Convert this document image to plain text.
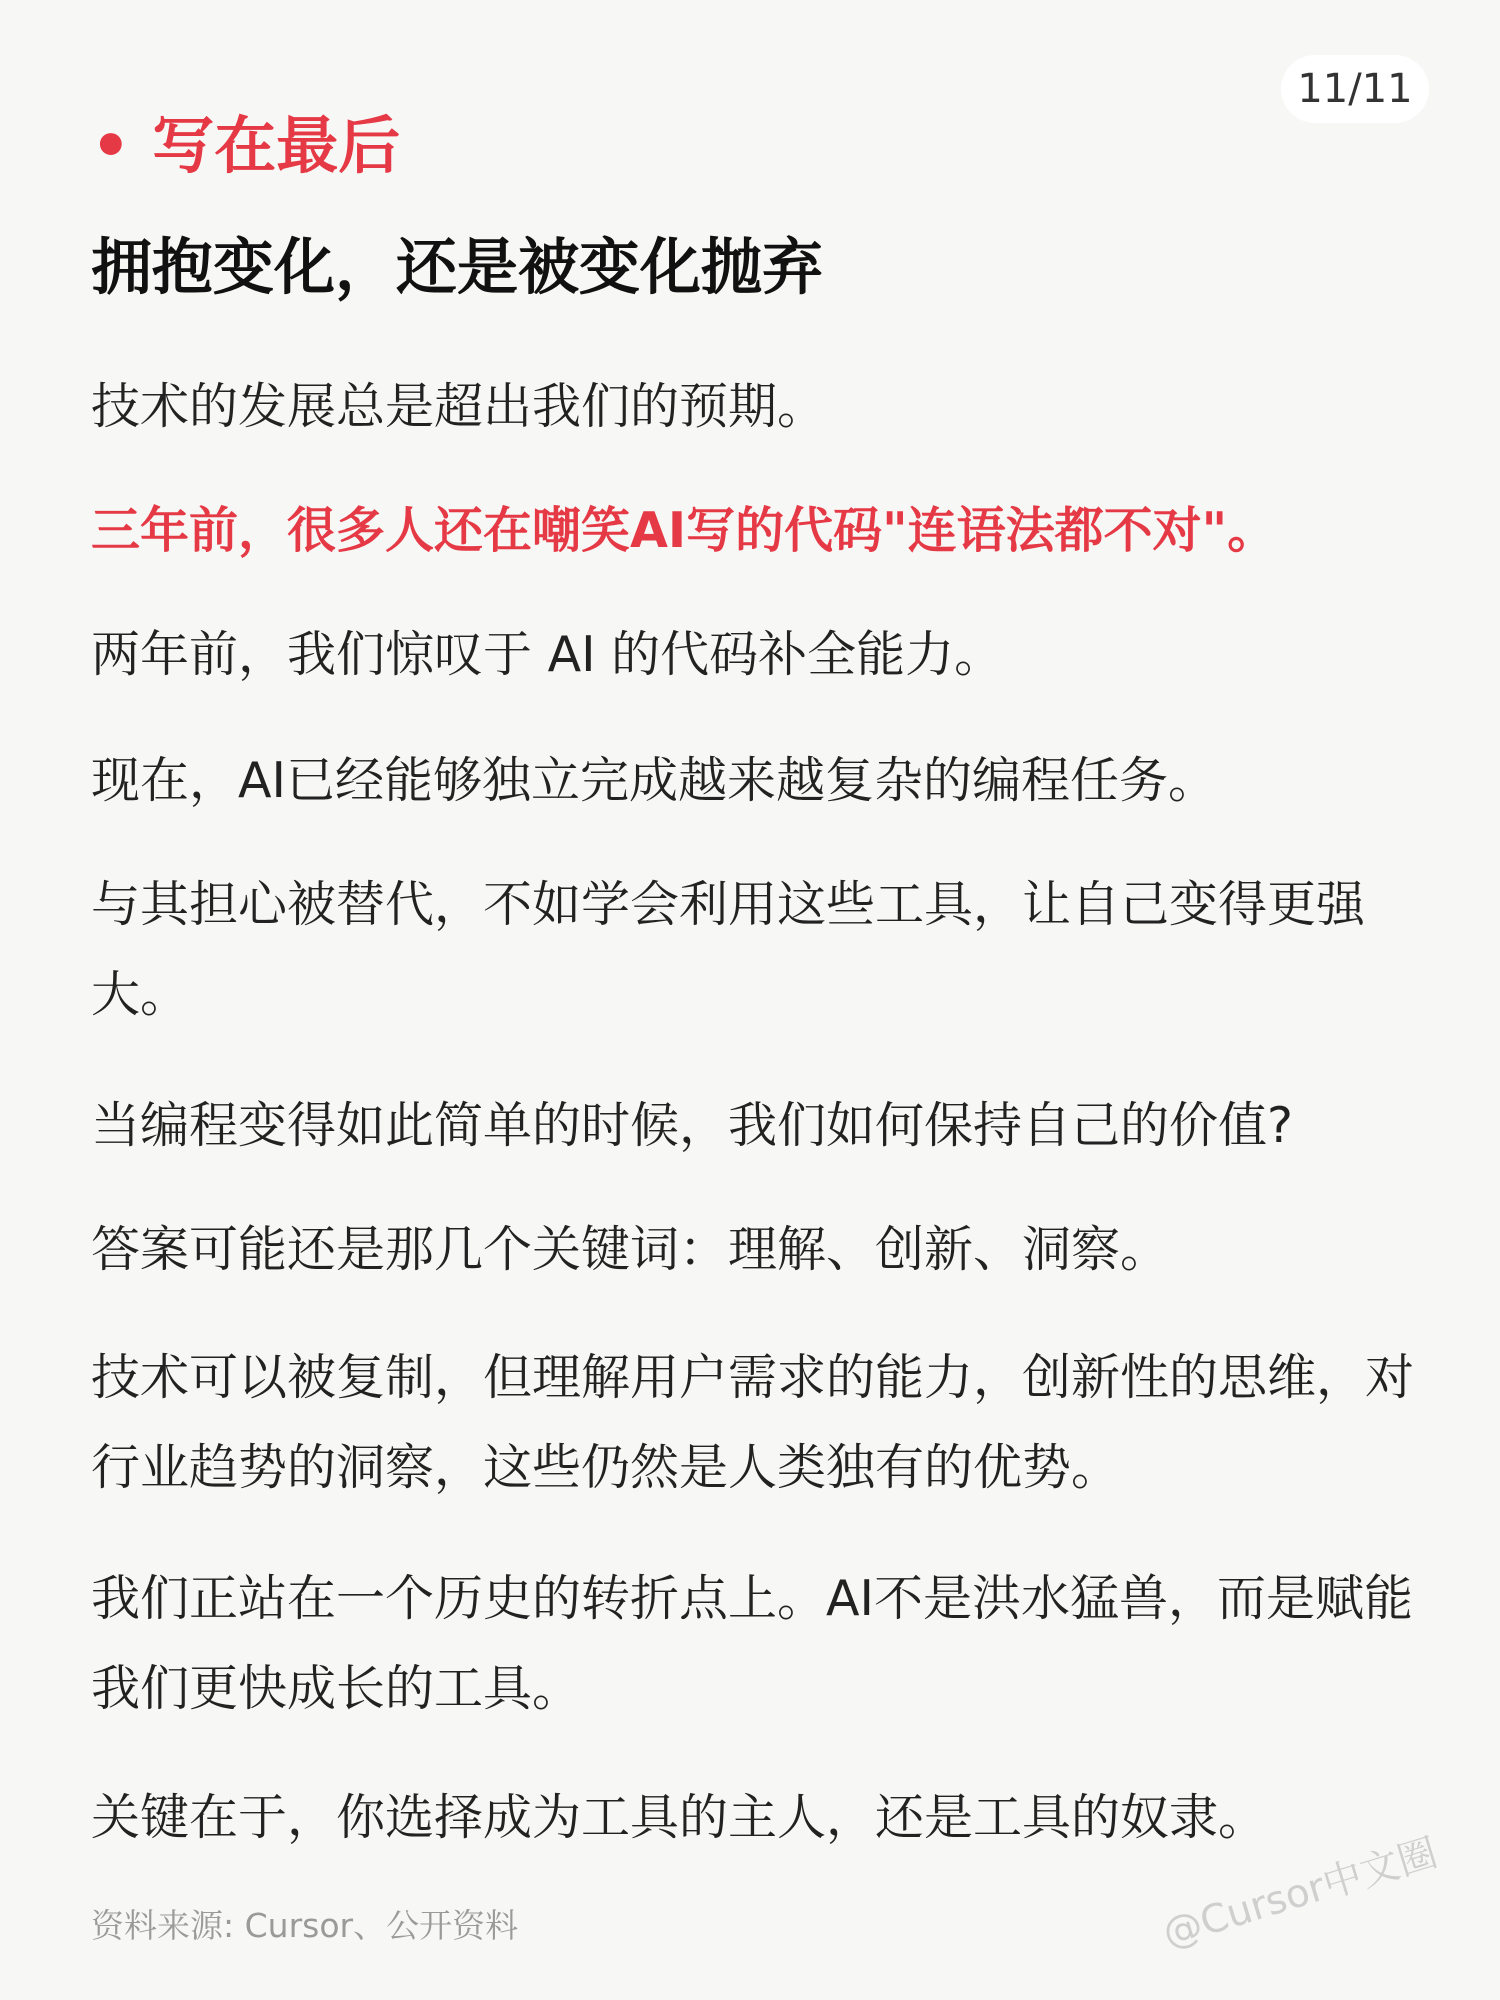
11/11
• 写在最后
拥抱变化，还是被变化抛弃

技术的发展总是超出我们的预期。

三年前，很多人还在嘲笑AI写的代码"连语法都不对"。

两年前，我们惊叹于 AI 的代码补全能力。

现在，AI已经能够独立完成越来越复杂的编程任务。

与其担心被替代，不如学会利用这些工具，让自己变得更强大。

当编程变得如此简单的时候，我们如何保持自己的价值?

答案可能还是那几个关键词：理解、创新、洞察。

技术可以被复制，但理解用户需求的能力，创新性的思维，对行业趋势的洞察，这些仍然是人类独有的优势。

我们正站在一个历史的转折点上。AI不是洪水猛兽，而是赋能我们更快成长的工具。

关键在于，你选择成为工具的主人，还是工具的奴隶。

资料来源: Cursor、公开资料	@Cursor中文圈
